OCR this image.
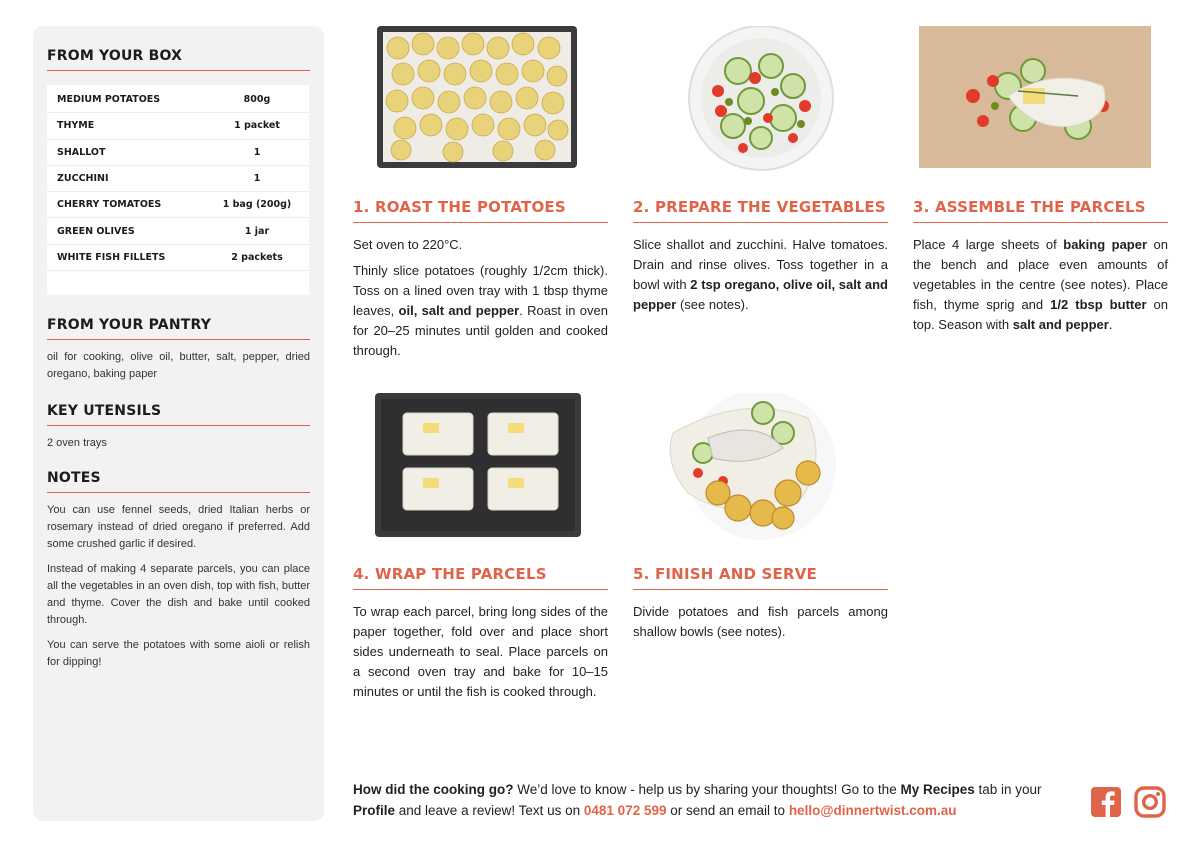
FROM YOUR BOX
MEDIUM POTATOES	800g
THYME	1 packet
SHALLOT	1
ZUCCHINI	1
CHERRY TOMATOES	1 bag (200g)
GREEN OLIVES	1 jar
WHITE FISH FILLETS	2 packets
FROM YOUR PANTRY
oil for cooking, olive oil, butter, salt, pepper, dried oregano, baking paper
KEY UTENSILS
2 oven trays
NOTES

You can use fennel seeds, dried Italian herbs or rosemary instead of dried oregano if preferred. Add some crushed garlic if desired.

Instead of making 4 separate parcels, you can place all the vegetables in an oven dish, top with fish, butter and thyme. Cover the dish and bake until cooked through.

You can serve the potatoes with some aioli or relish for dipping!

1. ROAST THE POTATOES

Set oven to 220°C.

Thinly slice potatoes (roughly 1/2cm thick). Toss on a lined oven tray with 1 tbsp thyme leaves, oil, salt and pepper. Roast in oven for 20–25 minutes until golden and cooked through.

2. PREPARE THE VEGETABLES

Slice shallot and zucchini. Halve tomatoes. Drain and rinse olives. Toss together in a bowl with 2 tsp oregano, olive oil, salt and pepper (see notes).

3. ASSEMBLE THE PARCELS

Place 4 large sheets of baking paper on the bench and place even amounts of vegetables in the centre (see notes). Place fish, thyme sprig and 1/2 tbsp butter on top. Season with salt and pepper.

4. WRAP THE PARCELS

To wrap each parcel, bring long sides of the paper together, fold over and place short sides underneath to seal. Place parcels on a second oven tray and bake for 10–15 minutes or until the fish is cooked through.

5. FINISH AND SERVE

Divide potatoes and fish parcels among shallow bowls (see notes).

How did the cooking go? We’d love to know - help us by sharing your thoughts! Go to the My Recipes tab in your Profile and leave a review! Text us on 0481 072 599 or send an email to hello@dinnertwist.com.au
